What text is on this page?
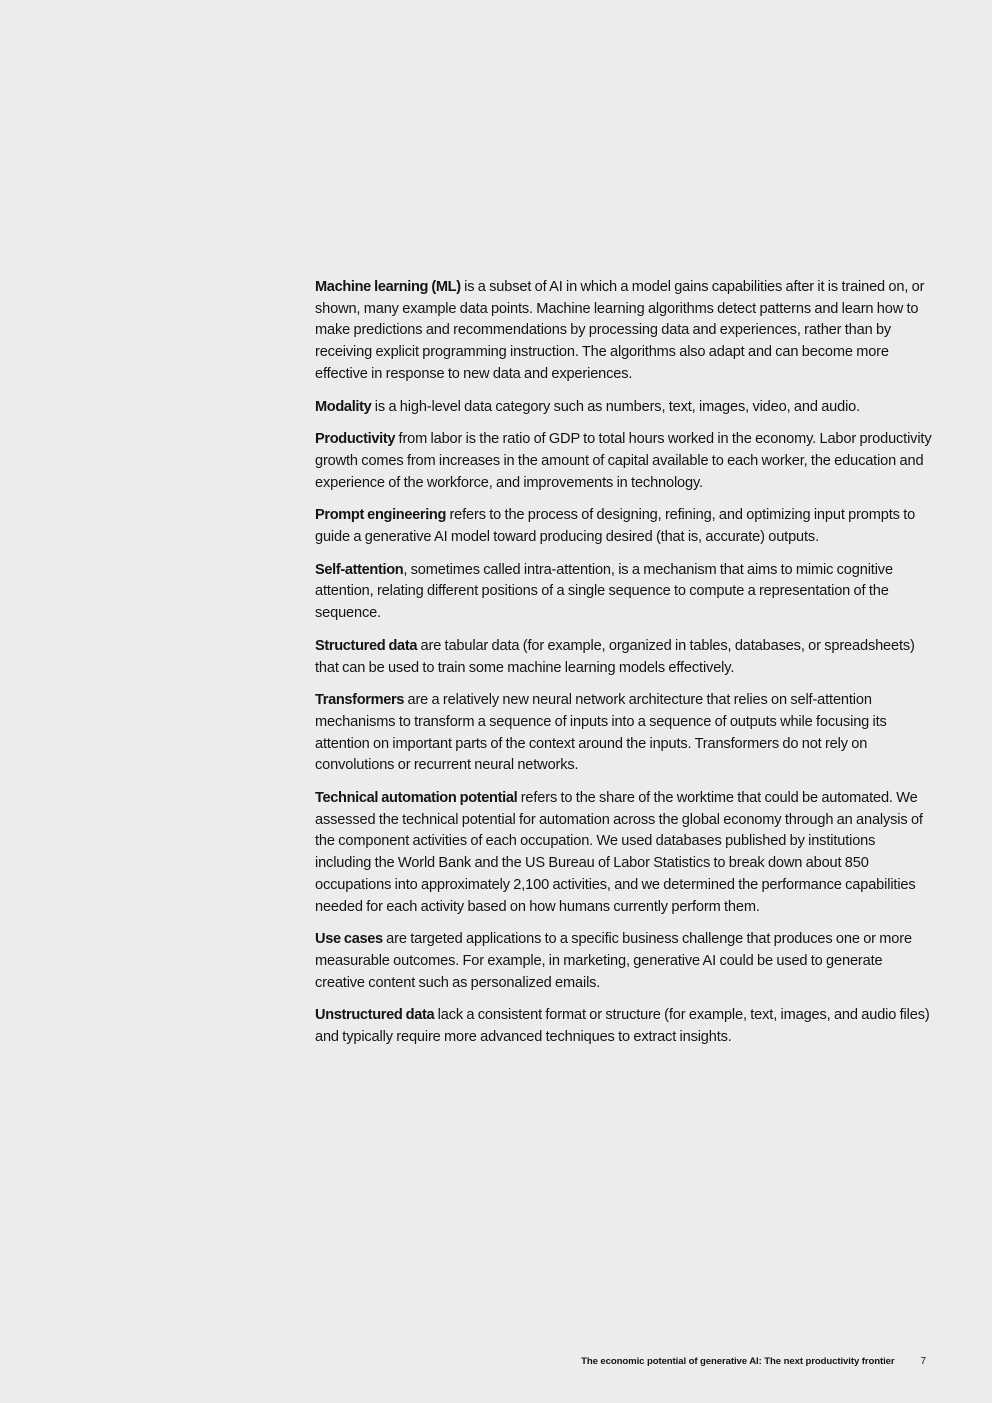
Machine learning (ML) is a subset of AI in which a model gains capabilities after it is trained on, or shown, many example data points. Machine learning algorithms detect patterns and learn how to make predictions and recommendations by processing data and experiences, rather than by receiving explicit programming instruction. The algorithms also adapt and can become more effective in response to new data and experiences.

Modality is a high-level data category such as numbers, text, images, video, and audio.

Productivity from labor is the ratio of GDP to total hours worked in the economy. Labor productivity growth comes from increases in the amount of capital available to each worker, the education and experience of the workforce, and improvements in technology.

Prompt engineering refers to the process of designing, refining, and optimizing input prompts to guide a generative AI model toward producing desired (that is, accurate) outputs.

Self-attention, sometimes called intra-attention, is a mechanism that aims to mimic cognitive attention, relating different positions of a single sequence to compute a representation of the sequence.

Structured data are tabular data (for example, organized in tables, databases, or spreadsheets) that can be used to train some machine learning models effectively.

Transformers are a relatively new neural network architecture that relies on self-attention mechanisms to transform a sequence of inputs into a sequence of outputs while focusing its attention on important parts of the context around the inputs. Transformers do not rely on convolutions or recurrent neural networks.

Technical automation potential refers to the share of the worktime that could be automated. We assessed the technical potential for automation across the global economy through an analysis of the component activities of each occupation. We used databases published by institutions including the World Bank and the US Bureau of Labor Statistics to break down about 850 occupations into approximately 2,100 activities, and we determined the performance capabilities needed for each activity based on how humans currently perform them.

Use cases are targeted applications to a specific business challenge that produces one or more measurable outcomes. For example, in marketing, generative AI could be used to generate creative content such as personalized emails.

Unstructured data lack a consistent format or structure (for example, text, images, and audio files) and typically require more advanced techniques to extract insights.

The economic potential of generative AI: The next productivity frontier	7
